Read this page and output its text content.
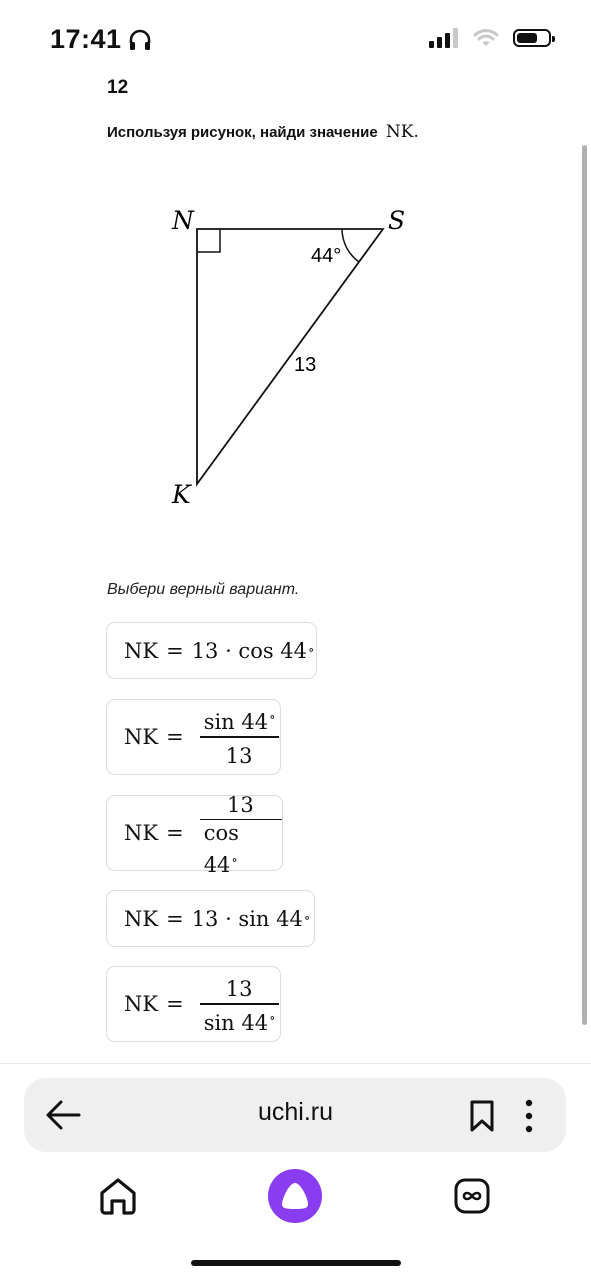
17:41
12
Используя рисунок, найди значение NK.
N	S
K
44°
13
Выбери верный вариант.
NK = 13 · cos 44 ∘
NK = $\frac{\sin 44^\circ}{13}$
NK = $\frac{13}{\cos 44^\circ}$
NK = 13 · sin 44 ∘
NK = $\frac{13}{\sin 44^\circ}$
uchi.ru
